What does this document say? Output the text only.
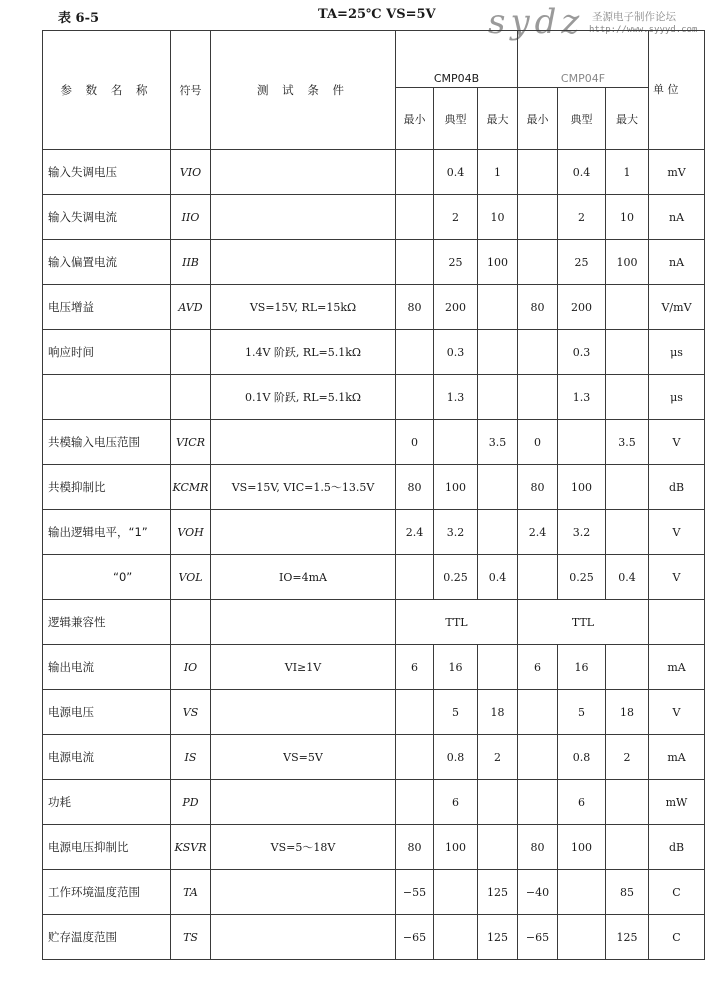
表 6-5	TA=25℃ VS=5V sydz 圣源电子制作论坛
http://www.syyyd.com
参 数 名 称	符号	测 试 条 件	CMP04B			CMP04F			单 位
			最小	典型	最大	最小	典型	最大	
输入失调电压	VIO			0.4	1		0.4	1	mV
输入失调电流	IIO			2	10		2	10	nA
输入偏置电流	IIB			25	100		25	100	nA
电压增益	AVD	VS=15V, RL=15kΩ	80	200		80	200		V/mV
响应时间		1.4V 阶跃, RL=5.1kΩ		0.3			0.3		μs
		0.1V 阶跃, RL=5.1kΩ		1.3			1.3		μs
共模输入电压范围	VICR		0		3.5	0		3.5	V
共模抑制比	KCMR	VS=15V, VIC=1.5～13.5V	80	100		80	100		dB
输出逻辑电平，“1”	VOH		2.4	3.2		2.4	3.2		V
“0”	VOL	IO=4mA		0.25	0.4		0.25	0.4	V
逻辑兼容性			TTL			TTL			
输出电流	IO	VI≥1V	6	16		6	16		mA
电源电压	VS			5	18		5	18	V
电源电流	IS	VS=5V		0.8	2		0.8	2	mA
功耗	PD			6			6		mW
电源电压抑制比	KSVR	VS=5～18V	80	100		80	100		dB
工作环境温度范围	TA		−55		125	−40		85	C
贮存温度范围	TS		−65		125	−65		125	C
